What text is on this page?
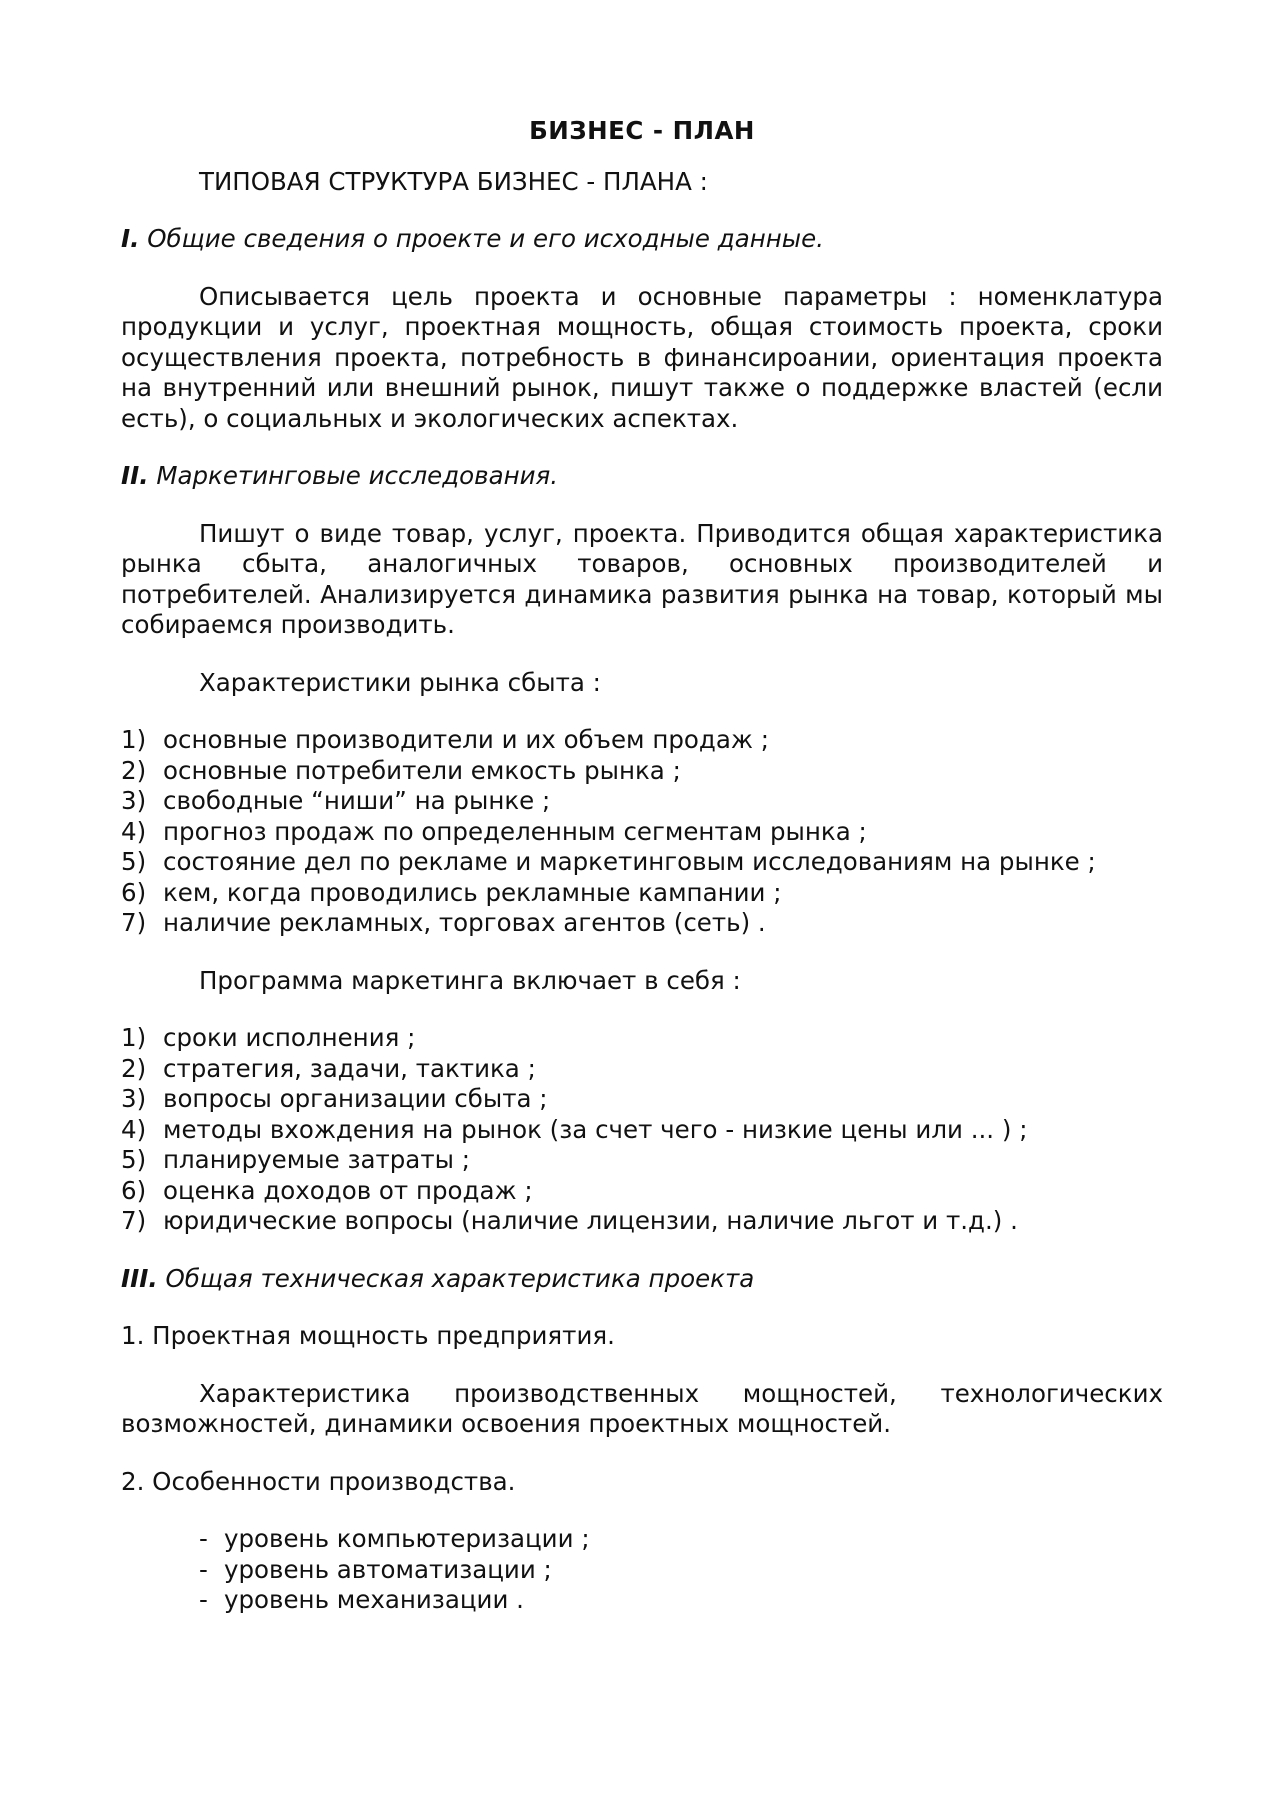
БИЗНЕС - ПЛАН
ТИПОВАЯ СТРУКТУРА БИЗНЕС - ПЛАНА :
I. Общие сведения о проекте и его исходные данные.
Описывается цель проекта и основные параметры : номенклатура продукции и услуг, проектная мощность, общая стоимость проекта, сроки осуществления проекта, потребность в финансироании, ориентация проекта на внутренний или внешний рынок, пишут также о поддержке властей (если есть), о социальных и экологических аспектах.
II. Маркетинговые исследования.
Пишут о виде товар, услуг, проекта. Приводится общая характеристика рынка сбыта, аналогичных товаров, основных производителей и потребителей. Анализируется динамика развития рынка на товар, который мы собираемся производить.
Характеристики рынка сбыта :
1) основные производители и их объем продаж ;
2) основные потребители емкость рынка ;
3) свободные “ниши” на рынке ;
4) прогноз продаж по определенным сегментам рынка ;
5) состояние дел по рекламе и маркетинговым исследованиям на рынке ;
6) кем, когда проводились рекламные кампании ;
7) наличие рекламных, торговах агентов (сеть) .
Программа маркетинга включает в себя :
1) сроки исполнения ;
2) стратегия, задачи, тактика ;
3) вопросы организации сбыта ;
4) методы вхождения на рынок (за счет чего - низкие цены или ... ) ;
5) планируемые затраты ;
6) оценка доходов от продаж ;
7) юридические вопросы (наличие лицензии, наличие льгот и т.д.) .
III. Общая техническая характеристика проекта
1. Проектная мощность предприятия.
Характеристика производственных мощностей, технологических возможностей, динамики освоения проектных мощностей.
2. Особенности производства.
- уровень компьютеризации ;
- уровень автоматизации ;
- уровень механизации .
